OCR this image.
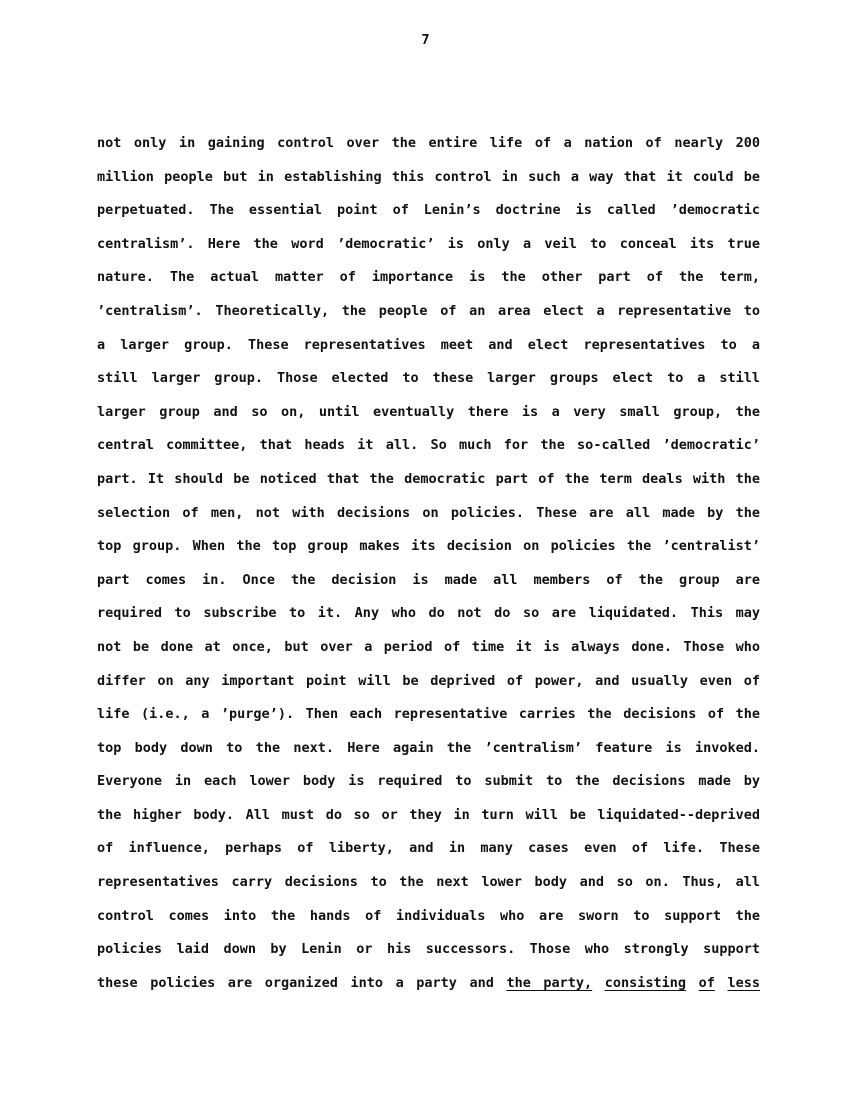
7
not only in gaining control over the entire life of a nation of nearly 200
million people but in establishing this control in such a way that it could be
perpetuated. The essential point of Lenin’s doctrine is called ’democratic
centralism’. Here the word ’democratic’ is only a veil to conceal its true
nature. The actual matter of importance is the other part of the term,
’centralism’. Theoretically, the people of an area elect a representative to
a larger group. These representatives meet and elect representatives to a
still larger group. Those elected to these larger groups elect to a still
larger group and so on, until eventually there is a very small group, the
central committee, that heads it all. So much for the so-called ’democratic’
part. It should be noticed that the democratic part of the term deals with the
selection of men, not with decisions on policies. These are all made by the
top group. When the top group makes its decision on policies the ’centralist’
part comes in. Once the decision is made all members of the group are
required to subscribe to it. Any who do not do so are liquidated. This may
not be done at once, but over a period of time it is always done. Those who
differ on any important point will be deprived of power, and usually even of
life (i.e., a ’purge’). Then each representative carries the decisions of the
top body down to the next. Here again the ’centralism’ feature is invoked.
Everyone in each lower body is required to submit to the decisions made by
the higher body. All must do so or they in turn will be liquidated--deprived
of influence, perhaps of liberty, and in many cases even of life. These
representatives carry decisions to the next lower body and so on. Thus, all
control comes into the hands of individuals who are sworn to support the
policies laid down by Lenin or his successors. Those who strongly support
these policies are organized into a party and the party, consisting of less
